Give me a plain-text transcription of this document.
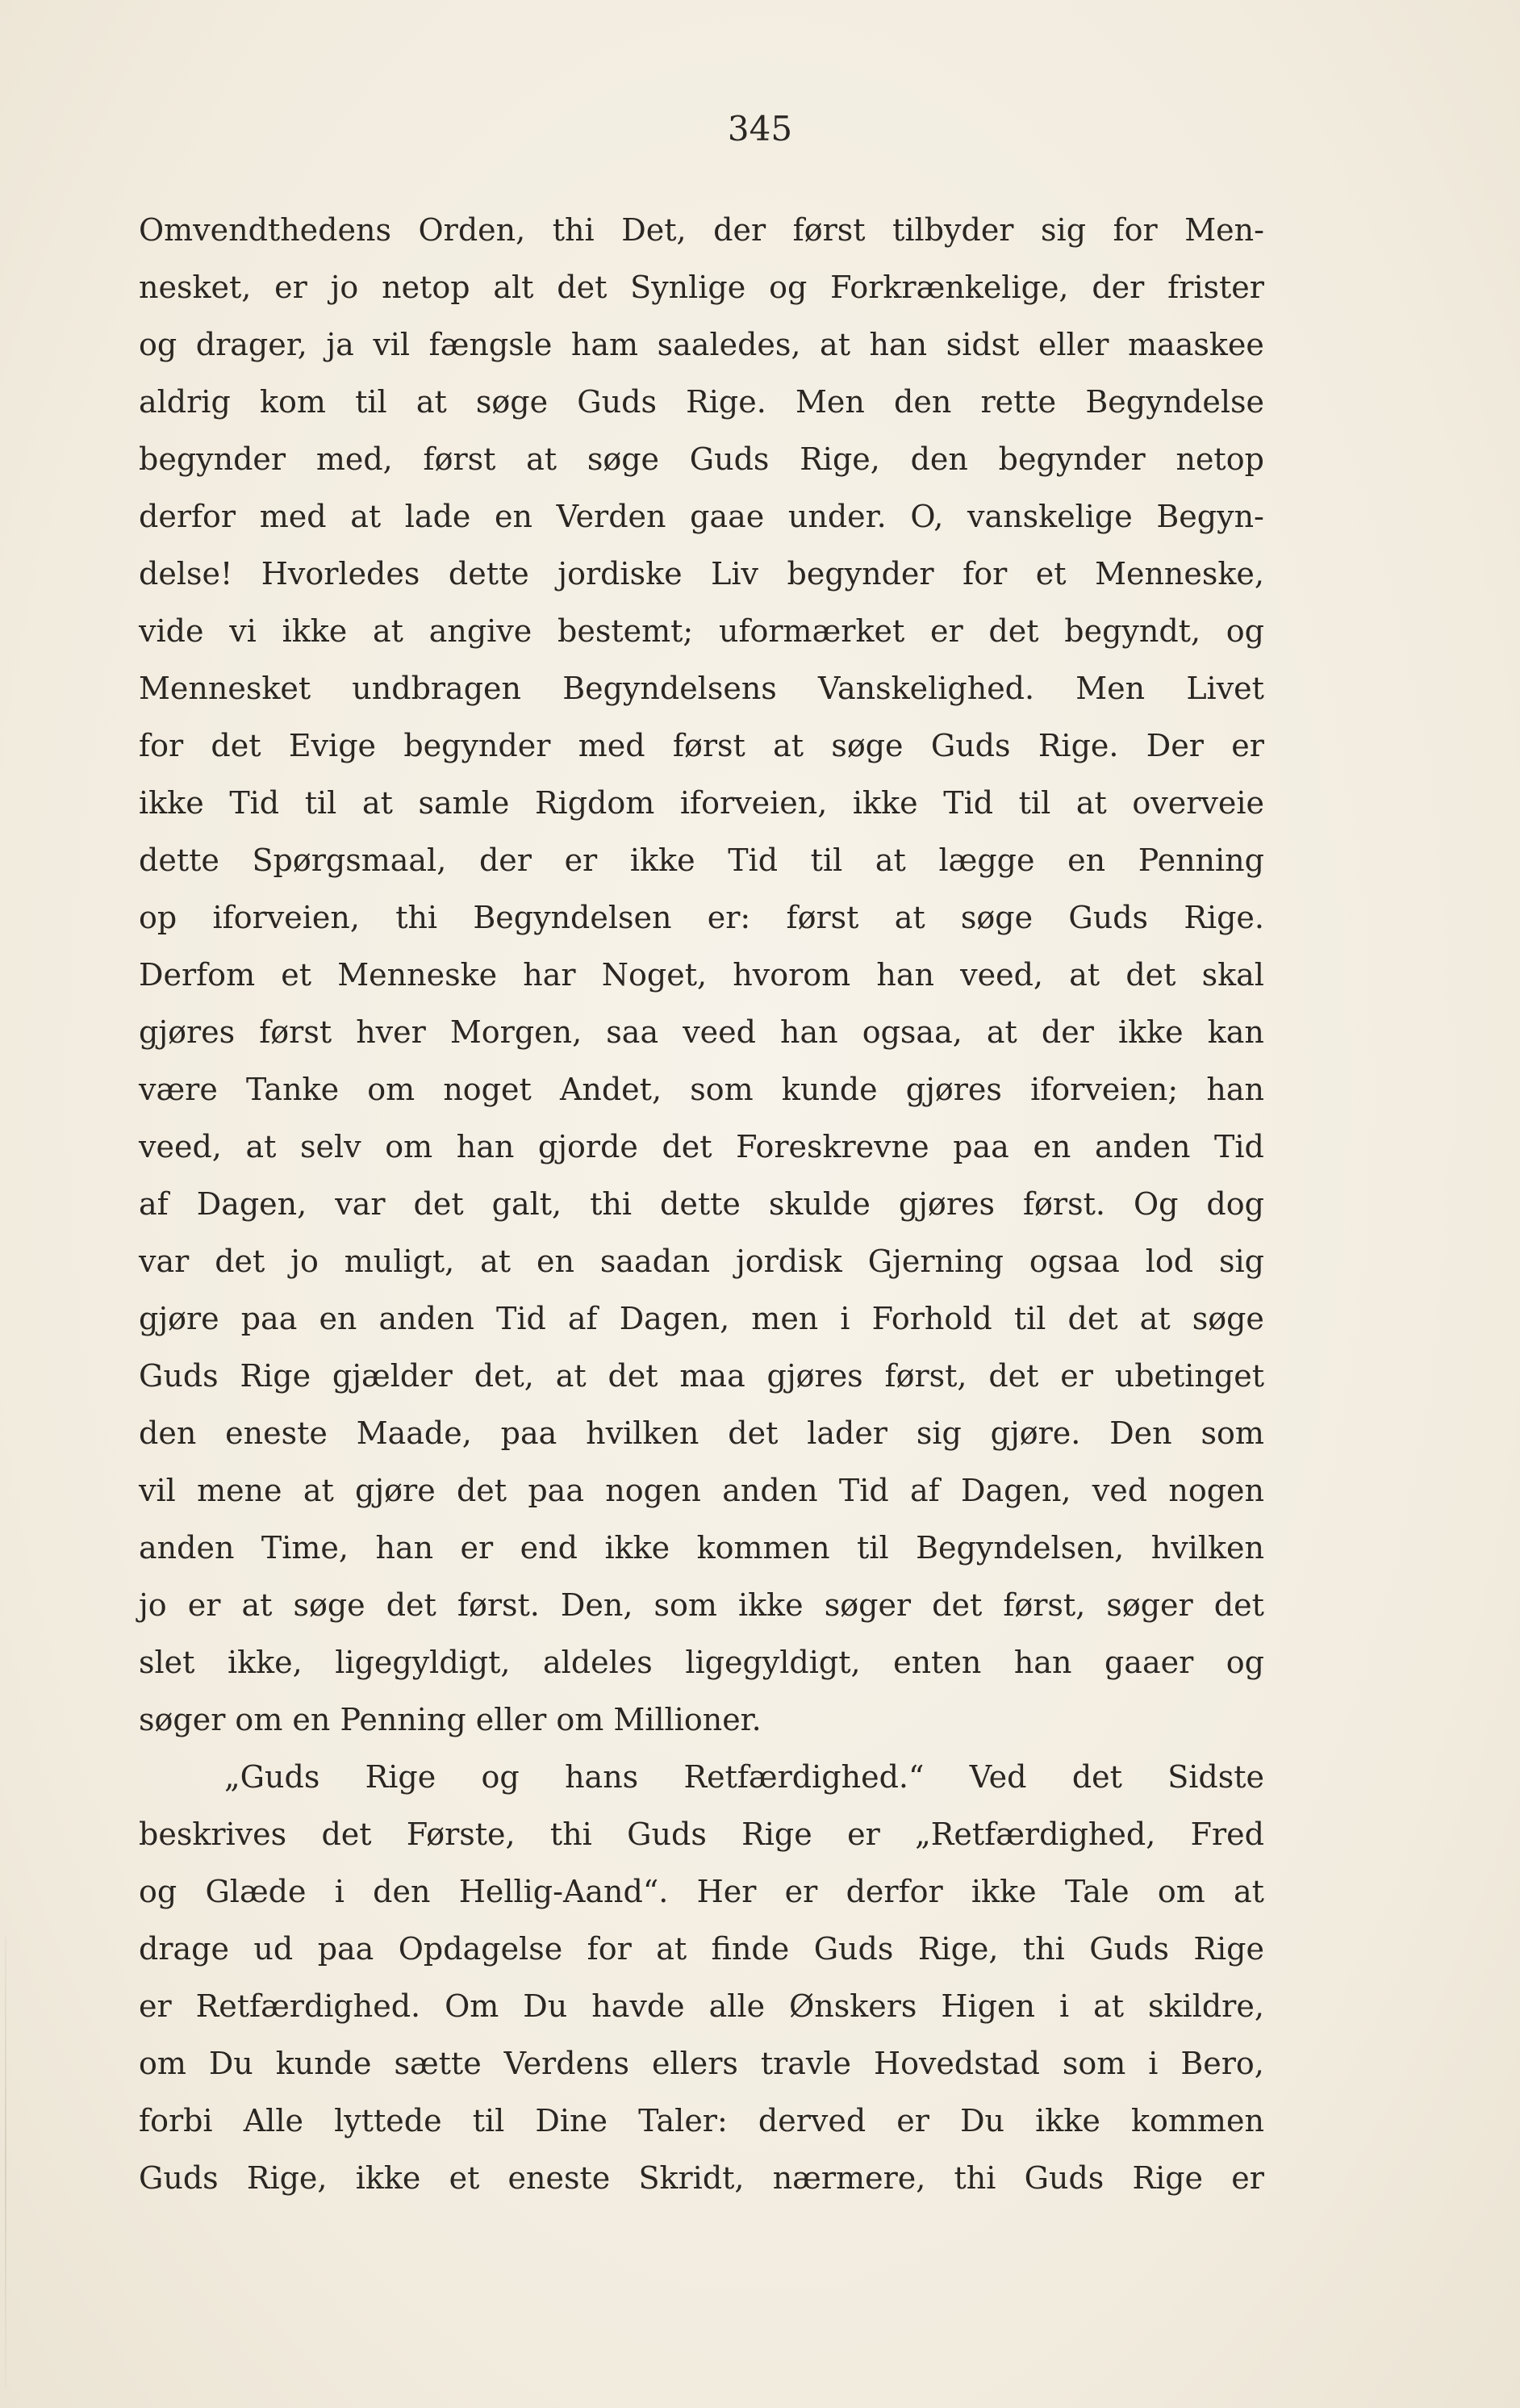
345
Omvendthedens Orden, thi Det, der først tilbyder sig for Men-
nesket, er jo netop alt det Synlige og Forkrænkelige, der frister
og drager, ja vil fængsle ham saaledes, at han sidst eller maaskee
aldrig kom til at søge Guds Rige. Men den rette Begyndelse
begynder med, først at søge Guds Rige, den begynder netop
derfor med at lade en Verden gaae under. O, vanskelige Begyn-
delse! Hvorledes dette jordiske Liv begynder for et Menneske,
vide vi ikke at angive bestemt; uformærket er det begyndt, og
Mennesket undbragen Begyndelsens Vanskelighed. Men Livet
for det Evige begynder med først at søge Guds Rige. Der er
ikke Tid til at samle Rigdom iforveien, ikke Tid til at overveie
dette Spørgsmaal, der er ikke Tid til at lægge en Penning
op iforveien, thi Begyndelsen er: først at søge Guds Rige.
Derfom et Menneske har Noget, hvorom han veed, at det skal
gjøres først hver Morgen, saa veed han ogsaa, at der ikke kan
være Tanke om noget Andet, som kunde gjøres iforveien; han
veed, at selv om han gjorde det Foreskrevne paa en anden Tid
af Dagen, var det galt, thi dette skulde gjøres først. Og dog
var det jo muligt, at en saadan jordisk Gjerning ogsaa lod sig
gjøre paa en anden Tid af Dagen, men i Forhold til det at søge
Guds Rige gjælder det, at det maa gjøres først, det er ubetinget
den eneste Maade, paa hvilken det lader sig gjøre. Den som
vil mene at gjøre det paa nogen anden Tid af Dagen, ved nogen
anden Time, han er end ikke kommen til Begyndelsen, hvilken
jo er at søge det først. Den, som ikke søger det først, søger det
slet ikke, ligegyldigt, aldeles ligegyldigt, enten han gaaer og
søger om en Penning eller om Millioner.
„Guds Rige og hans Retfærdighed.“ Ved det Sidste
beskrives det Første, thi Guds Rige er „Retfærdighed, Fred
og Glæde i den Hellig-Aand“. Her er derfor ikke Tale om at
drage ud paa Opdagelse for at finde Guds Rige, thi Guds Rige
er Retfærdighed. Om Du havde alle Ønskers Higen i at skildre,
om Du kunde sætte Verdens ellers travle Hovedstad som i Bero,
forbi Alle lyttede til Dine Taler: derved er Du ikke kommen
Guds Rige, ikke et eneste Skridt, nærmere, thi Guds Rige er
